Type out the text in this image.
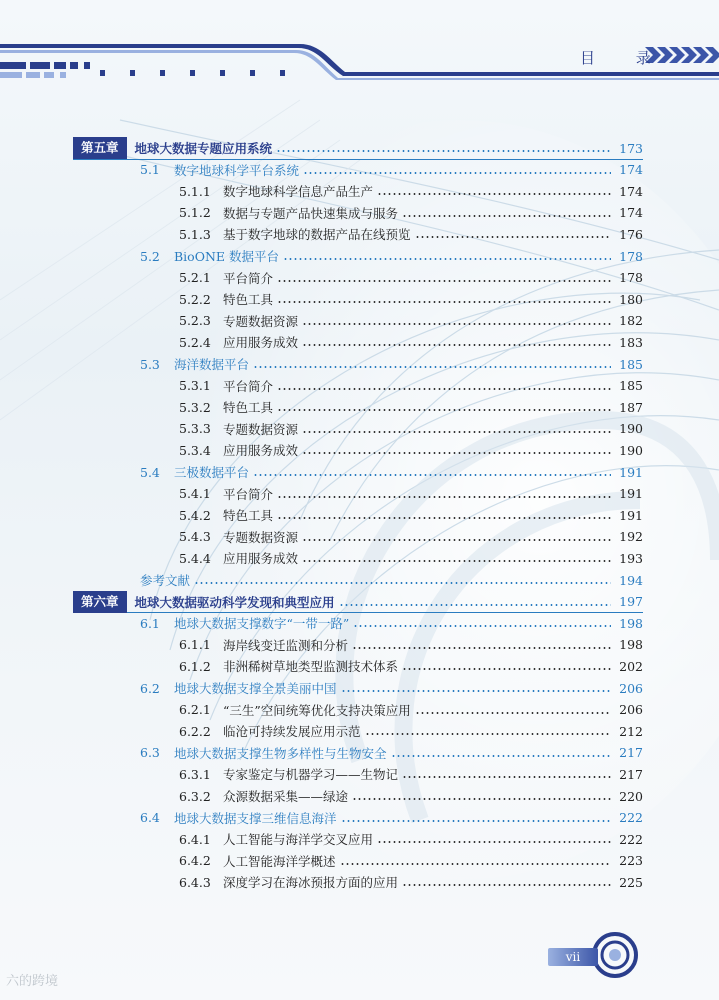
目 录
第五章	地球大数据专题应用系统	173
5.1	数字地球科学平台系统	174
5.1.1 数字地球科学信息产品生产	174
5.1.2 数据与专题产品快速集成与服务	174
5.1.3 基于数字地球的数据产品在线预览	176
5.2	BioONE 数据平台	178
5.2.1 平台简介	178
5.2.2 特色工具	180
5.2.3 专题数据资源	182
5.2.4 应用服务成效	183
5.3	海洋数据平台	185
5.3.1 平台简介	185
5.3.2 特色工具	187
5.3.3 专题数据资源	190
5.3.4 应用服务成效	190
5.4	三极数据平台	191
5.4.1 平台简介	191
5.4.2 特色工具	191
5.4.3 专题数据资源	192
5.4.4 应用服务成效	193
参考文献	194
第六章	地球大数据驱动科学发现和典型应用	197
6.1	地球大数据支撑数字“一带一路”	198
6.1.1 海岸线变迁监测和分析	198
6.1.2 非洲稀树草地类型监测技术体系	202
6.2	地球大数据支撑全景美丽中国	206
6.2.1 “三生”空间统筹优化支持决策应用	206
6.2.2 临沧可持续发展应用示范	212
6.3	地球大数据支撑生物多样性与生物安全	217
6.3.1 专家鉴定与机器学习——生物记	217
6.3.2 众源数据采集——绿途	220
6.4	地球大数据支撑三维信息海洋	222
6.4.1 人工智能与海洋学交叉应用	222
6.4.2 人工智能海洋学概述	223
6.4.3 深度学习在海冰预报方面的应用	225
vii
六的跨境
